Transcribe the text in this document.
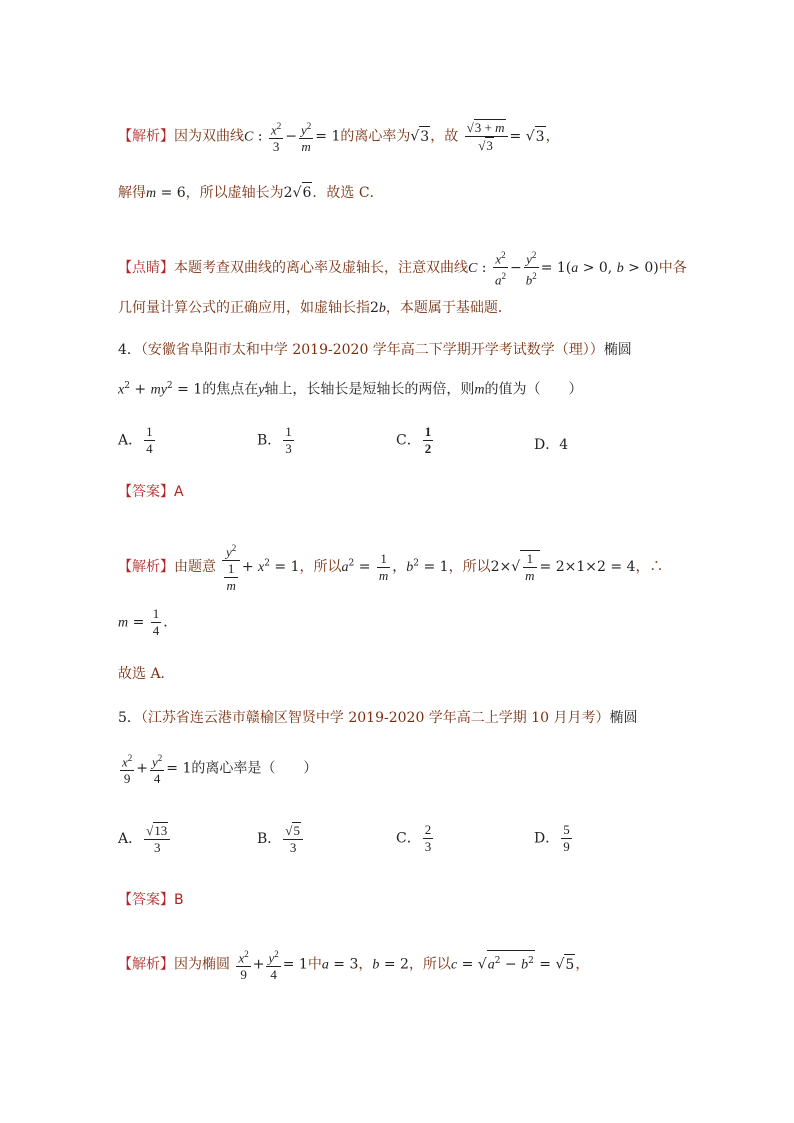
【解析】因为双曲线C : $\frac{x^2}{3} - \frac{y^2}{m} = 1$的离心率为√3，故 $\frac{√3 + m}{√3} = √3$，
解得m = 6，所以虚轴长为2√6．故选 C．
【点睛】本题考查双曲线的离心率及虚轴长，注意双曲线C : $\frac{x^2}{a^2} - \frac{y^2}{b^2} = 1(a > 0$, b > 0)中各
几何量计算公式的正确应用，如虚轴长指2b，本题属于基础题．
4．（安徽省阜阳市太和中学 2019-2020 学年高二下学期开学考试数学（理））椭圆
$x^2 + my^2 = 1$的焦点在y轴上，长轴长是短轴长的两倍，则m的值为（　　）
A． $\frac{1}{4}$	B． $\frac{1}{3}$	C． $\frac{1}{2}$	D．4
【答案】A
【解析】由题意 $\frac{y^2}{\frac{1}{m}} + x^2 = 1$，所以$a^2 = \frac{1}{m}$ ，$b^2 = 1$，所以$2\times√ \frac{1}{m} = 2\times 1\times 2 = 4$，∴
$m = \frac{1}{4}$ ．
故选 A．
5．（江苏省连云港市赣榆区智贤中学 2019-2020 学年高二上学期 10 月月考）椭圆
$\frac{x^2}{9} + \frac{y^2}{4} = 1$的离心率是（　　）
A． $\frac{√13}{3}$	B． $\frac{√5}{3}$	C． $\frac{2}{3}$	D． $\frac{5}{9}$
【答案】B
【解析】因为椭圆 $\frac{x^2}{9} + \frac{y^2}{4} = 1$中a = 3，b = 2，所以$c = √a^2 - b^2 = √5$，
